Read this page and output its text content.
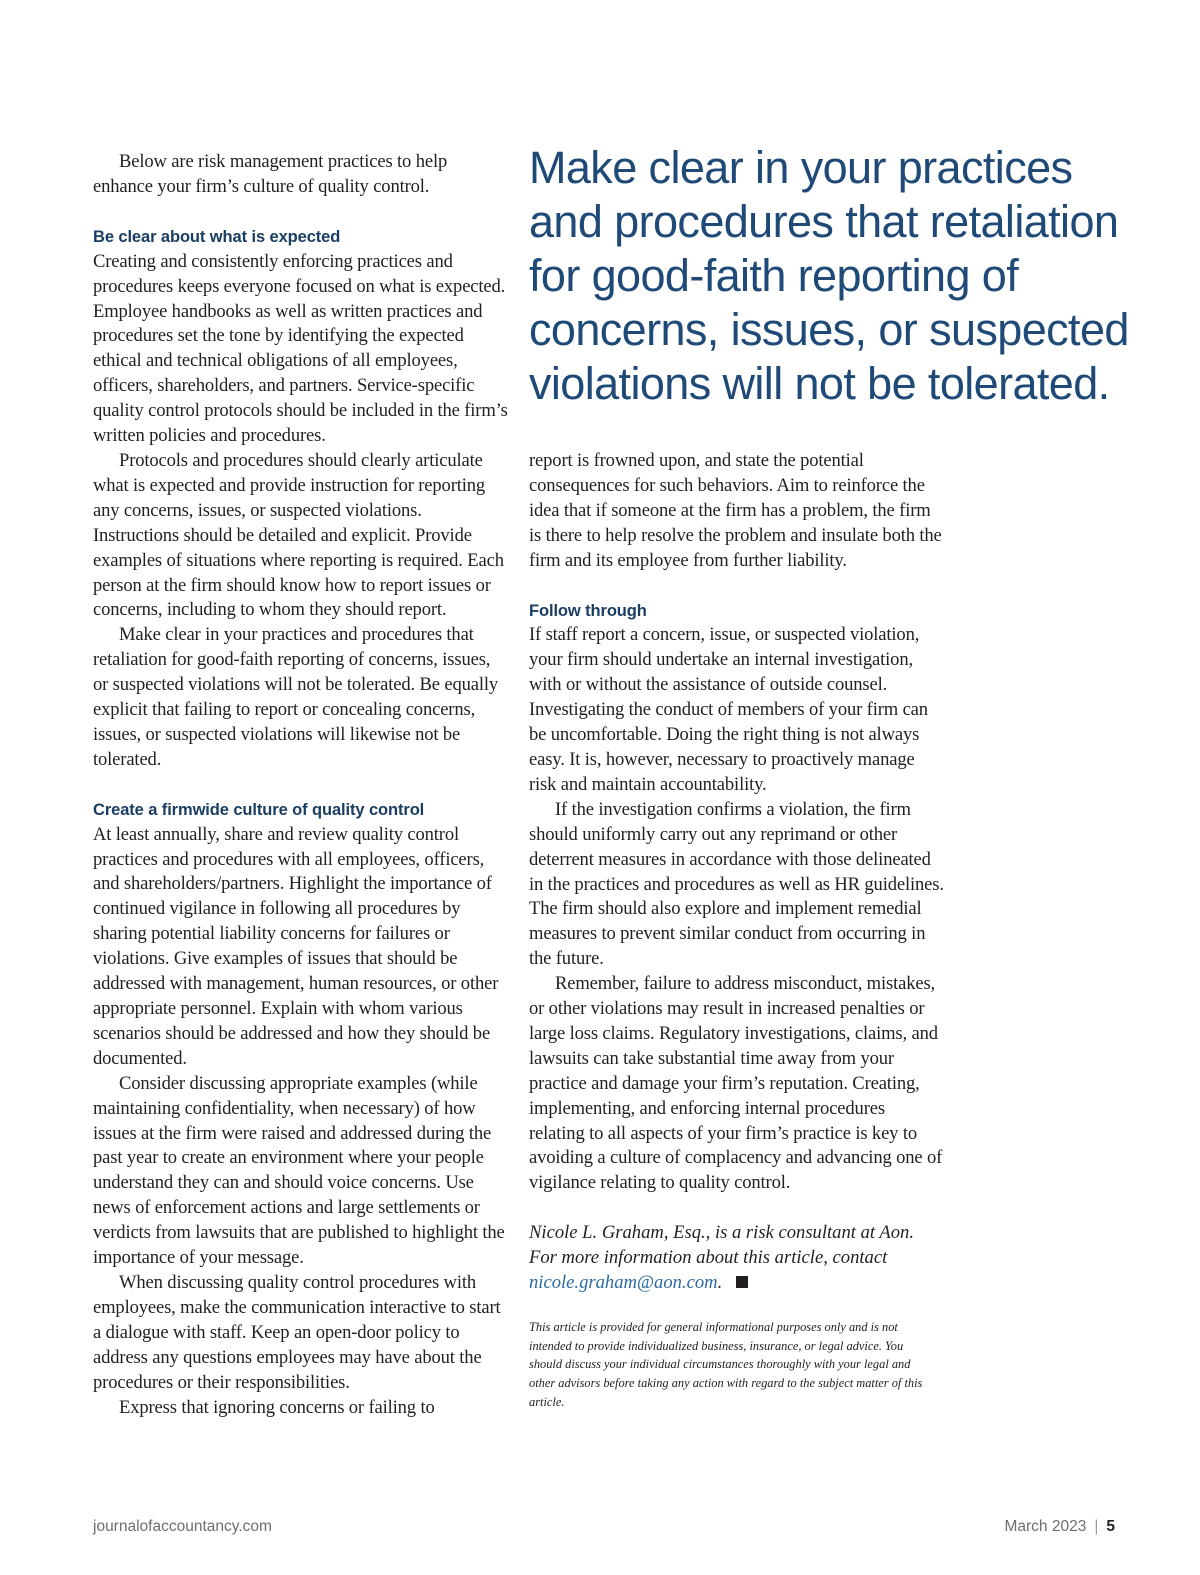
Below are risk management practices to help enhance your firm’s culture of quality control.

Be clear about what is expected

Creating and consistently enforcing practices and procedures keeps everyone focused on what is expected. Employee handbooks as well as written practices and procedures set the tone by identifying the expected ethical and technical obligations of all employees, officers, shareholders, and partners. Service-specific quality control protocols should be included in the firm’s written policies and procedures.

Protocols and procedures should clearly articulate what is expected and provide instruction for reporting any concerns, issues, or suspected violations. Instructions should be detailed and explicit. Provide examples of situations where reporting is required. Each person at the firm should know how to report issues or concerns, including to whom they should report.

Make clear in your practices and procedures that retaliation for good-faith reporting of concerns, issues, or suspected violations will not be tolerated. Be equally explicit that failing to report or concealing concerns, issues, or suspected violations will likewise not be tolerated.

Create a firmwide culture of quality control

At least annually, share and review quality control practices and procedures with all employees, officers, and shareholders/partners. Highlight the importance of continued vigilance in following all procedures by sharing potential liability concerns for failures or violations. Give examples of issues that should be addressed with management, human resources, or other appropriate personnel. Explain with whom various scenarios should be addressed and how they should be documented.

Consider discussing appropriate examples (while maintaining confidentiality, when necessary) of how issues at the firm were raised and addressed during the past year to create an environment where your people understand they can and should voice concerns. Use news of enforcement actions and large settlements or verdicts from lawsuits that are published to highlight the importance of your message.

When discussing quality control procedures with employees, make the communication interactive to start a dialogue with staff. Keep an open-door policy to address any questions employees may have about the procedures or their responsibilities.

Express that ignoring concerns or failing to

Make clear in your practices and procedures that retaliation for good-faith reporting of concerns, issues, or suspected violations will not be tolerated.

report is frowned upon, and state the potential consequences for such behaviors. Aim to reinforce the idea that if someone at the firm has a problem, the firm is there to help resolve the problem and insulate both the firm and its employee from further liability.

Follow through

If staff report a concern, issue, or suspected violation, your firm should undertake an internal investigation, with or without the assistance of outside counsel. Investigating the conduct of members of your firm can be uncomfortable. Doing the right thing is not always easy. It is, however, necessary to proactively manage risk and maintain accountability.

If the investigation confirms a violation, the firm should uniformly carry out any reprimand or other deterrent measures in accordance with those delineated in the practices and procedures as well as HR guidelines. The firm should also explore and implement remedial measures to prevent similar conduct from occurring in the future.

Remember, failure to address misconduct, mistakes, or other violations may result in increased penalties or large loss claims. Regulatory investigations, claims, and lawsuits can take substantial time away from your practice and damage your firm’s reputation. Creating, implementing, and enforcing internal procedures relating to all aspects of your firm’s practice is key to avoiding a culture of complacency and advancing one of vigilance relating to quality control.

Nicole L. Graham, Esq., is a risk consultant at Aon. For more information about this article, contact nicole.graham@aon.com.

This article is provided for general informational purposes only and is not intended to provide individualized business, insurance, or legal advice. You should discuss your individual circumstances thoroughly with your legal and other advisors before taking any action with regard to the subject matter of this article.

journalofaccountancy.com	March 2023 | 5
